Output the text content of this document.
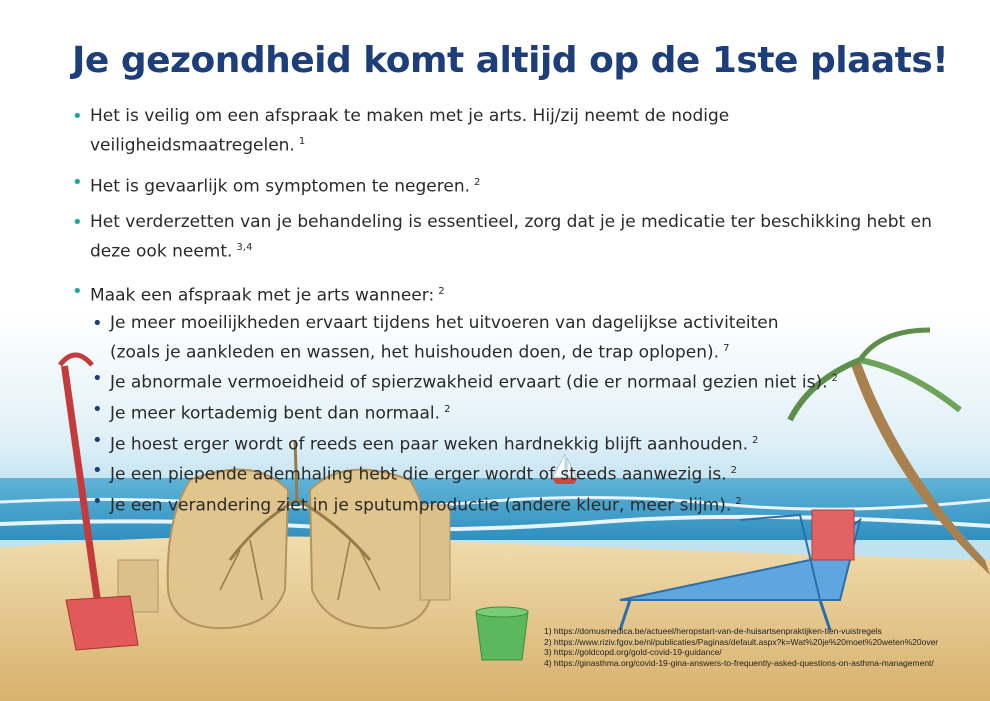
Je gezondheid komt altijd op de 1ste plaats!
• Het is veilig om een afspraak te maken met je arts. Hij/zij neemt de nodige veiligheidsmaatregelen. $^1$
• Het is gevaarlijk om symptomen te negeren. $^2$
• Het verderzetten van je behandeling is essentieel, zorg dat je je medicatie ter beschikking hebt en deze ook neemt. $^{3,4}$
• Maak een afspraak met je arts wanneer: $^2$
• Je meer moeilijkheden ervaart tijdens het uitvoeren van dagelijkse activiteiten
(zoals je aankleden en wassen, het huishouden doen, de trap oplopen). $^7$
• Je abnormale vermoeidheid of spierzwakheid ervaart (die er normaal gezien niet is). $^2$
• Je meer kortademig bent dan normaal. $^2$
• Je hoest erger wordt of reeds een paar weken hardnekkig blijft aanhouden. $^2$
• Je een piepende ademhaling hebt die erger wordt of steeds aanwezig is. $^2$
• Je een verandering ziet in je sputumproductie (andere kleur, meer slijm). $^2$
1) https://domusmedica.be/actueel/heropstart-van-de-huisartsenpraktijken-tien-vuistregels
2) https://www.riziv.fgov.be/nl/publicaties/Paginas/default.aspx?k=Wat%20je%20moet%20weten%20over
3) https://goldcopd.org/gold-covid-19-guidance/
4) https://ginasthma.org/covid-19-gina-answers-to-frequently-asked-questions-on-asthma-management/
